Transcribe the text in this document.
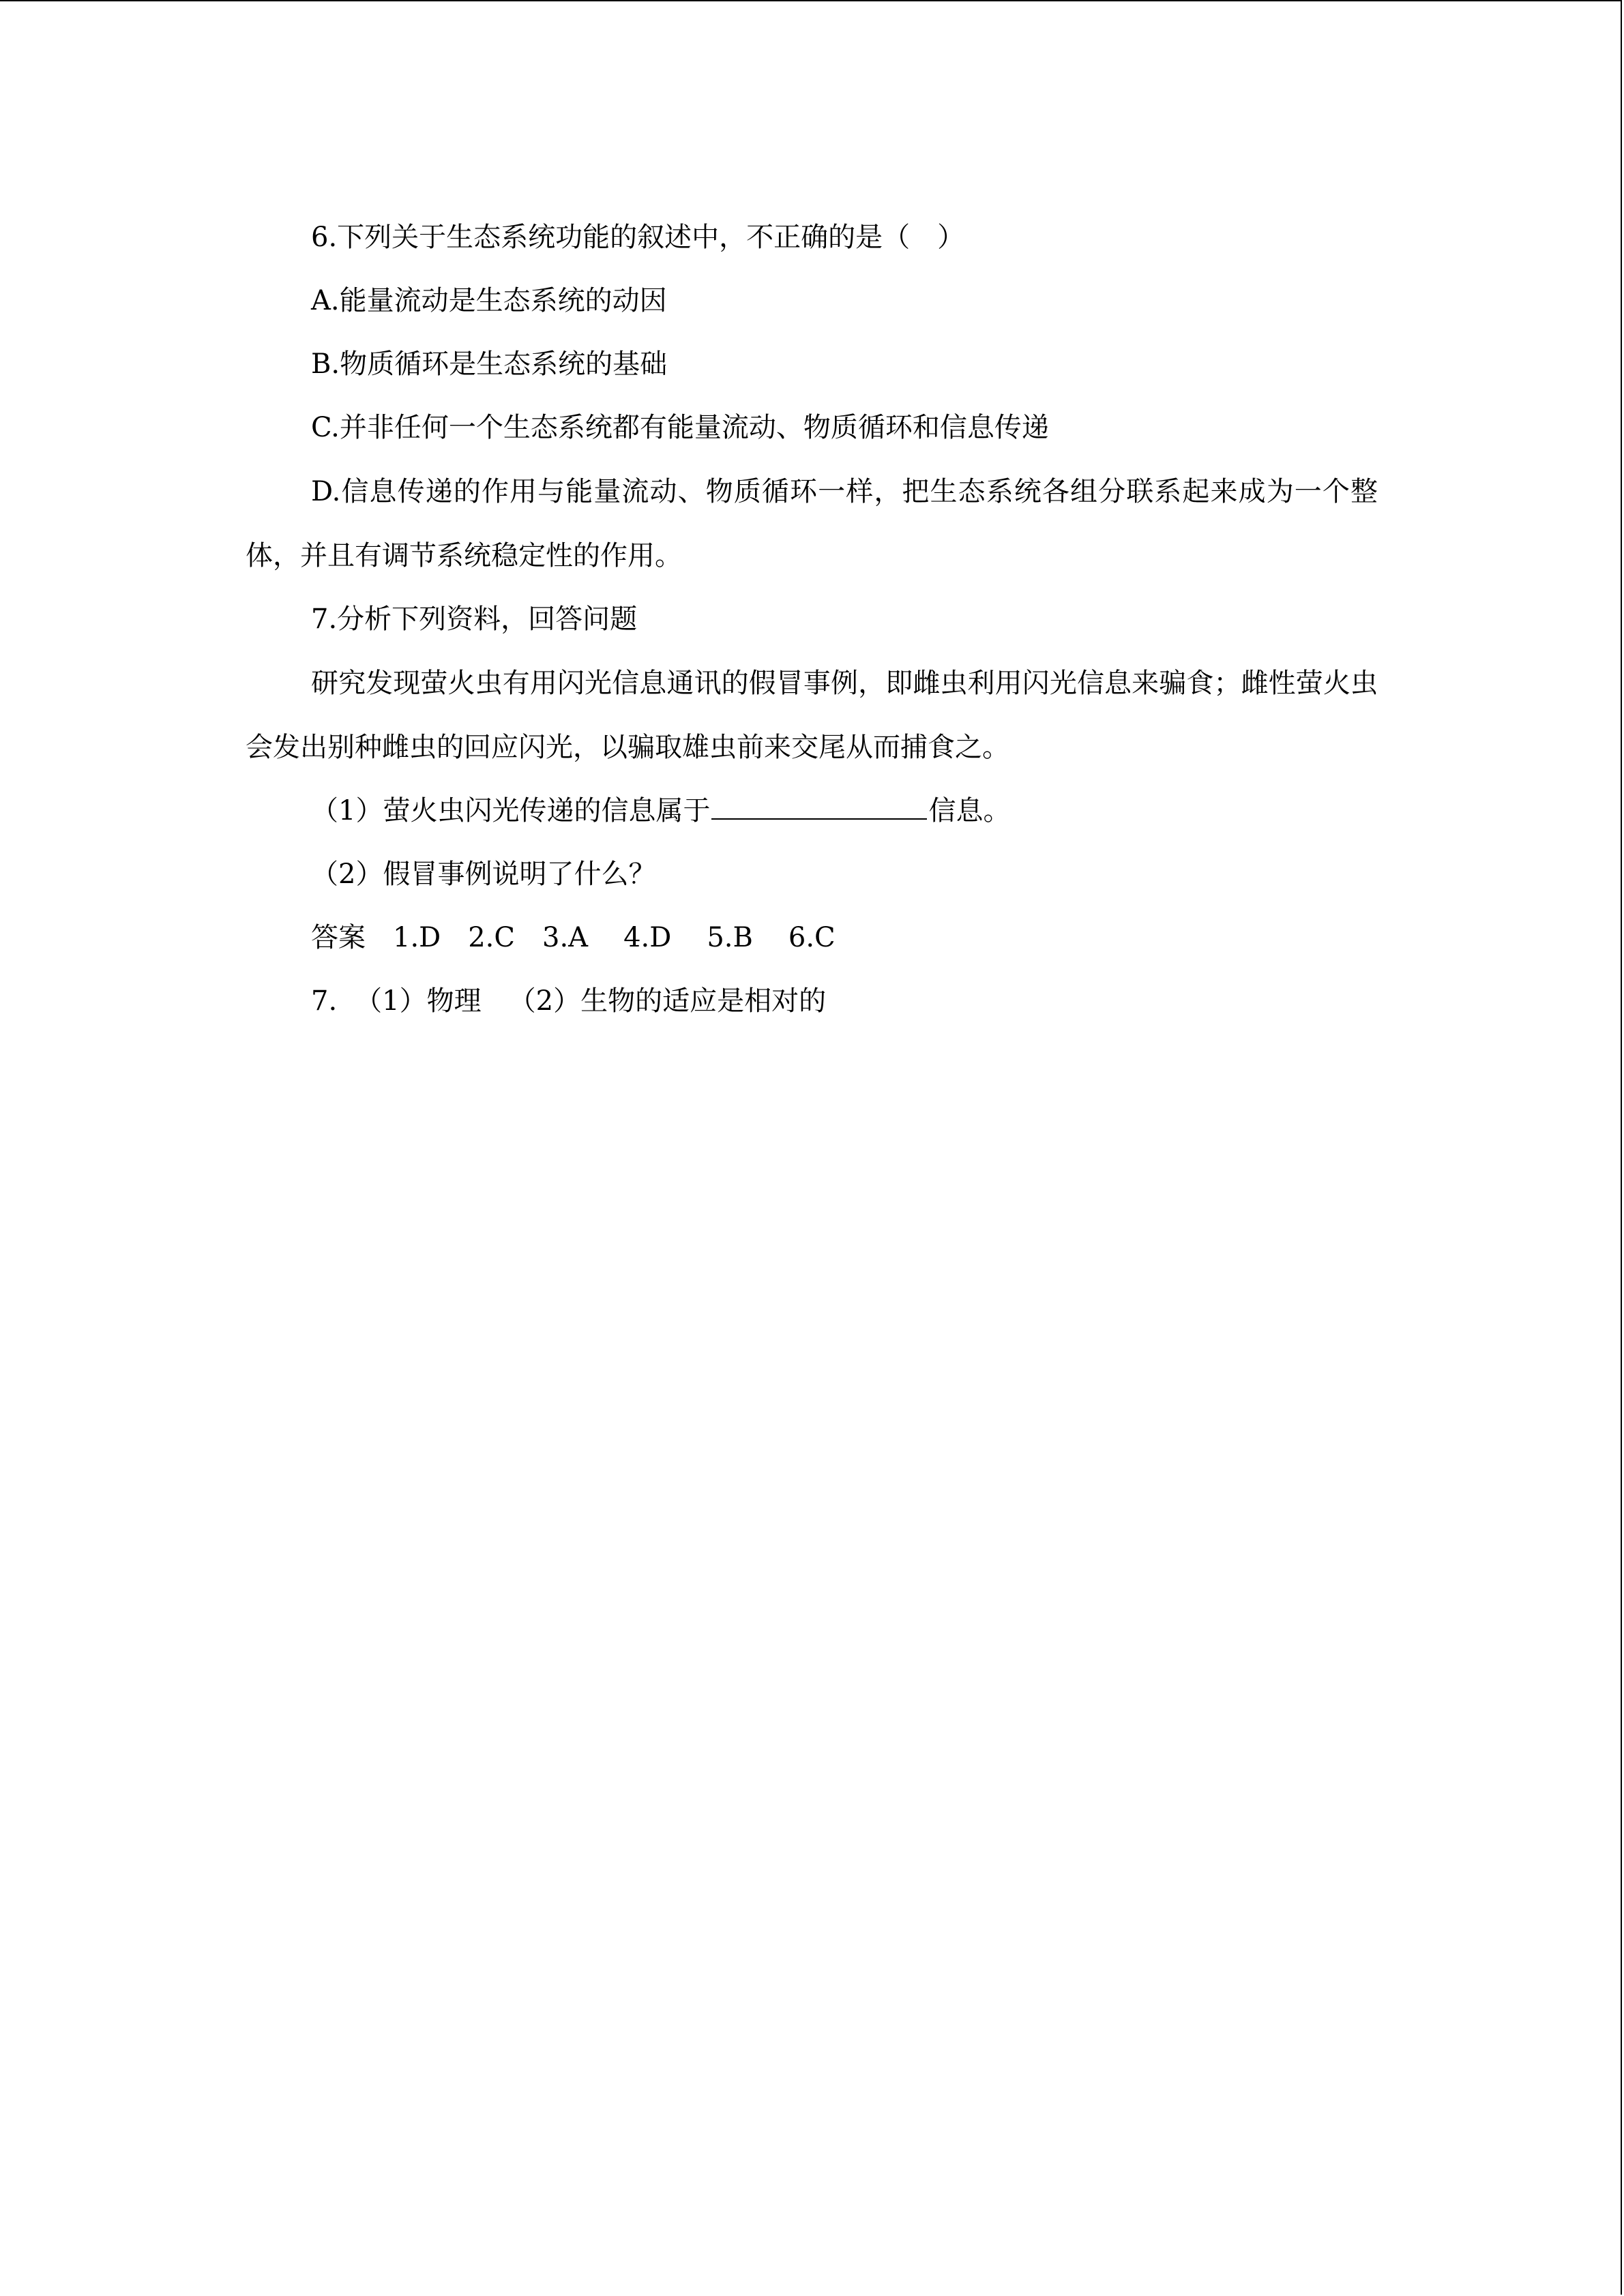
6.下列关于生态系统功能的叙述中，不正确的是（　）

A.能量流动是生态系统的动因

B.物质循环是生态系统的基础

C.并非任何一个生态系统都有能量流动、物质循环和信息传递

D.信息传递的作用与能量流动、物质循环一样，把生态系统各组分联系起来成为一个整体，并且有调节系统稳定性的作用。

7.分析下列资料，回答问题

研究发现萤火虫有用闪光信息通讯的假冒事例，即雌虫利用闪光信息来骗食；雌性萤火虫会发出别种雌虫的回应闪光，以骗取雄虫前来交尾从而捕食之。

（1）萤火虫闪光传递的信息属于	信息。

（2）假冒事例说明了什么？

答案 1.D 2.C 3.A 4.D 5.B 6.C

7. （1）物理 （2）生物的适应是相对的
